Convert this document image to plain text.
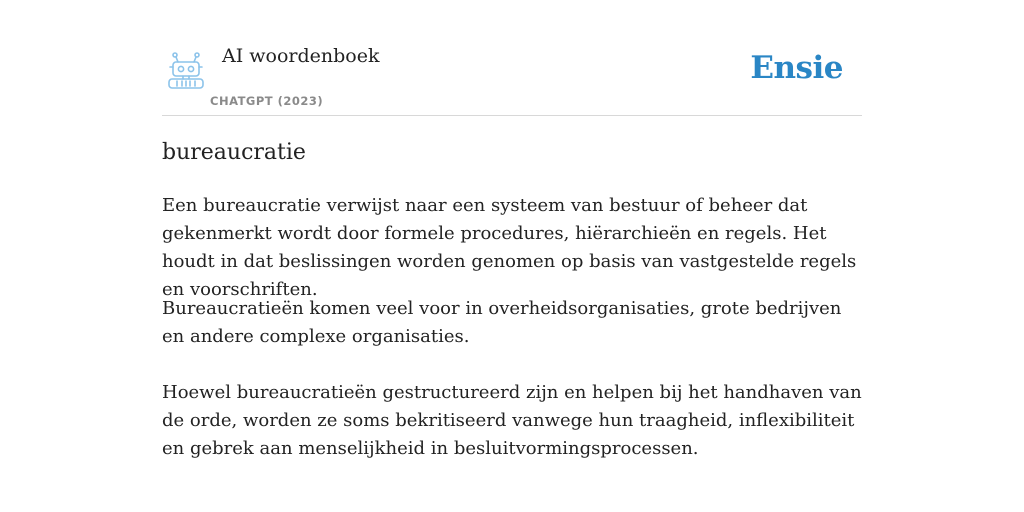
AI woordenboek
CHATGPT (2023)
Ensie
bureaucratie

Een bureaucratie verwijst naar een systeem van bestuur of beheer dat gekenmerkt wordt door formele procedures, hiërarchieën en regels. Het houdt in dat beslissingen worden genomen op basis van vastgestelde regels en voorschriften.

Bureaucratieën komen veel voor in overheidsorganisaties, grote bedrijven en andere complexe organisaties.

Hoewel bureaucratieën gestructureerd zijn en helpen bij het handhaven van de orde, worden ze soms bekritiseerd vanwege hun traagheid, inflexibiliteit en gebrek aan menselijkheid in besluitvormingsprocessen.
